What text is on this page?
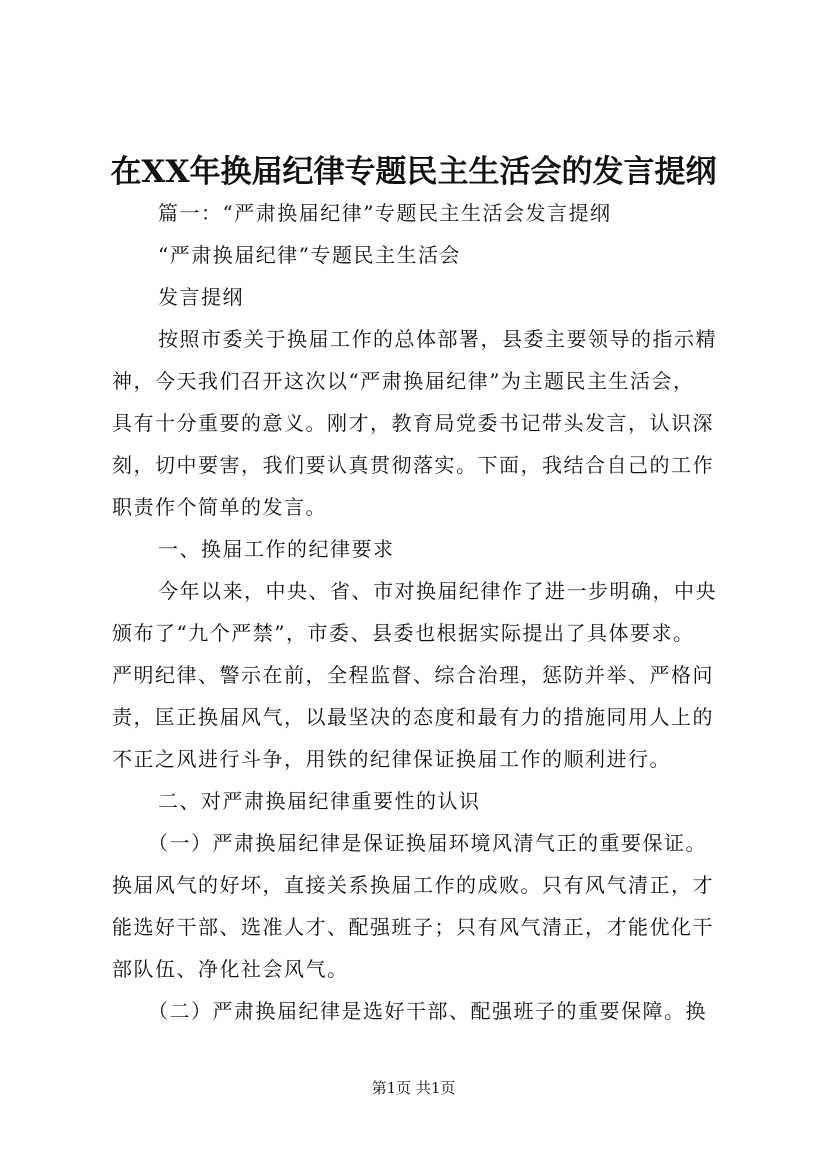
在XX年换届纪律专题民主生活会的发言提纲
篇一：“严肃换届纪律”专题民主生活会发言提纲
“严肃换届纪律”专题民主生活会
发言提纲
按照市委关于换届工作的总体部署，县委主要领导的指示精
神，今天我们召开这次以“严肃换届纪律”为主题民主生活会，
具有十分重要的意义。刚才，教育局党委书记带头发言，认识深
刻，切中要害，我们要认真贯彻落实。下面，我结合自己的工作
职责作个简单的发言。
一、换届工作的纪律要求
今年以来，中央、省、市对换届纪律作了进一步明确，中央
颁布了“九个严禁”，市委、县委也根据实际提出了具体要求。
严明纪律、警示在前，全程监督、综合治理，惩防并举、严格问
责，匡正换届风气，以最坚决的态度和最有力的措施同用人上的
不正之风进行斗争，用铁的纪律保证换届工作的顺利进行。
二、对严肃换届纪律重要性的认识
（一）严肃换届纪律是保证换届环境风清气正的重要保证。
换届风气的好坏，直接关系换届工作的成败。只有风气清正，才
能选好干部、选准人才、配强班子；只有风气清正，才能优化干
部队伍、净化社会风气。
（二）严肃换届纪律是选好干部、配强班子的重要保障。换
第1页 共1页
